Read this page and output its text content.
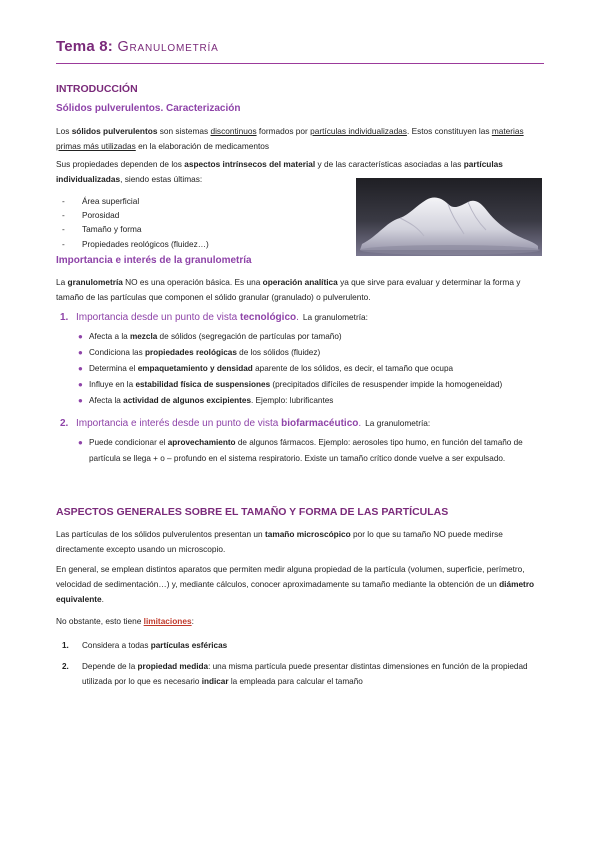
Tema 8: Granulometría
INTRODUCCIÓN
Sólidos pulverulentos. Caracterización
Los sólidos pulverulentos son sistemas discontinuos formados por partículas individualizadas. Estos constituyen las materias primas más utilizadas en la elaboración de medicamentos
Sus propiedades dependen de los aspectos intrínsecos del material y de las características asociadas a las partículas individualizadas, siendo estas últimas:
-	Área superficial
-	Porosidad
-	Tamaño y forma
-	Propiedades reológicos (fluidez…)
Importancia e interés de la granulometría
La granulometría NO es una operación básica. Es una operación analítica ya que sirve para evaluar y determinar la forma y tamaño de las partículas que componen el sólido granular (granulado) o pulverulento.
1. Importancia desde un punto de vista tecnológico. La granulometría:
● Afecta a la mezcla de sólidos (segregación de partículas por tamaño)
● Condiciona las propiedades reológicas de los sólidos (fluidez)
● Determina el empaquetamiento y densidad aparente de los sólidos, es decir, el tamaño que ocupa
● Influye en la estabilidad física de suspensiones (precipitados difíciles de resuspender impide la homogeneidad)
● Afecta la actividad de algunos excipientes. Ejemplo: lubrificantes
2. Importancia e interés desde un punto de vista biofarmacéutico. La granulometría:
● Puede condicionar el aprovechamiento de algunos fármacos. Ejemplo: aerosoles tipo humo, en función del tamaño de partícula se llega + o – profundo en el sistema respiratorio. Existe un tamaño crítico donde vuelve a ser expulsado.
ASPECTOS GENERALES SOBRE EL TAMAÑO Y FORMA DE LAS PARTÍCULAS
Las partículas de los sólidos pulverulentos presentan un tamaño microscópico por lo que su tamaño NO puede medirse directamente excepto usando un microscopio.
En general, se emplean distintos aparatos que permiten medir alguna propiedad de la partícula (volumen, superficie, perímetro, velocidad de sedimentación…) y, mediante cálculos, conocer aproximadamente su tamaño mediante la obtención de un diámetro equivalente.
No obstante, esto tiene limitaciones:
1.	Considera a todas partículas esféricas
2.	Depende de la propiedad medida: una misma partícula puede presentar distintas dimensiones en función de la propiedad utilizada por lo que es necesario indicar la empleada para calcular el tamaño
